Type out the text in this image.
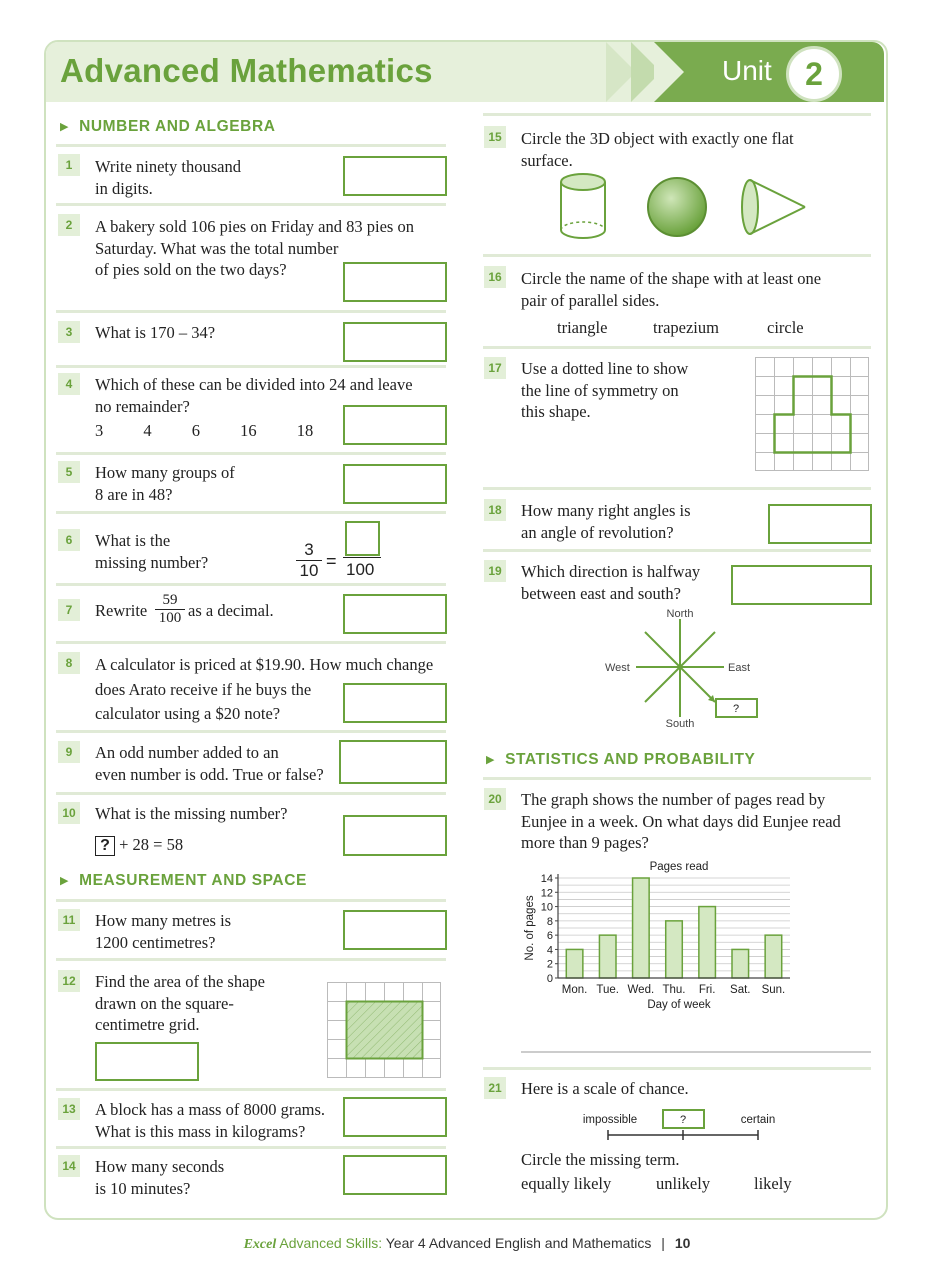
Advanced Mathematics	Unit	2
▶ NUMBER AND ALGEBRA
1	Write ninety thousand
in digits.
2	A bakery sold 106 pies on Friday and 83 pies on
Saturday. What was the total number
of pies sold on the two days?
3	What is 170 – 34?
4	Which of these can be divided into 24 and leave
no remainder?
3 4 6 16 18
5	How many groups of
8 are in 48?
6	What is the
missing number?	$\frac{3}{10} = 100$
7	Rewrite $\frac{59}{100}$ as a decimal.
8	A calculator is priced at $19.90. How much change
does Arato receive if he buys the
calculator using a $20 note?
9	An odd number added to an
even number is odd. True or false?
10 What is the missing number?
? + 28 = 58
▶ MEASUREMENT AND SPACE
11 How many metres is
1200 centimetres?
12 Find the area of the shape
drawn on the square-
centimetre grid.
13 A block has a mass of 8000 grams.
What is this mass in kilograms?
14 How many seconds
is 10 minutes?
15 Circle the 3D object with exactly one flat
surface.
16 Circle the name of the shape with at least one
pair of parallel sides.
triangle	trapezium	circle
17 Use a dotted line to show
the line of symmetry on
this shape.
18 How many right angles is
an angle of revolution?
19 Which direction is halfway
between east and south?
North
South
East
West
?
▶ STATISTICS AND PROBABILITY
20 The graph shows the number of pages read by
Eunjee in a week. On what days did Eunjee read
more than 9 pages?
0
2
4
6
8
10
12
14
Mon. Tue. Wed. Thu. Fri. Sat. Sun.
Pages read
Day of week
No. of pages
21 Here is a scale of chance.
impossible	certain
?
Circle the missing term.
equally likely	unlikely	likely
Excel Advanced Skills: Year 4 Advanced English and Mathematics | 10
